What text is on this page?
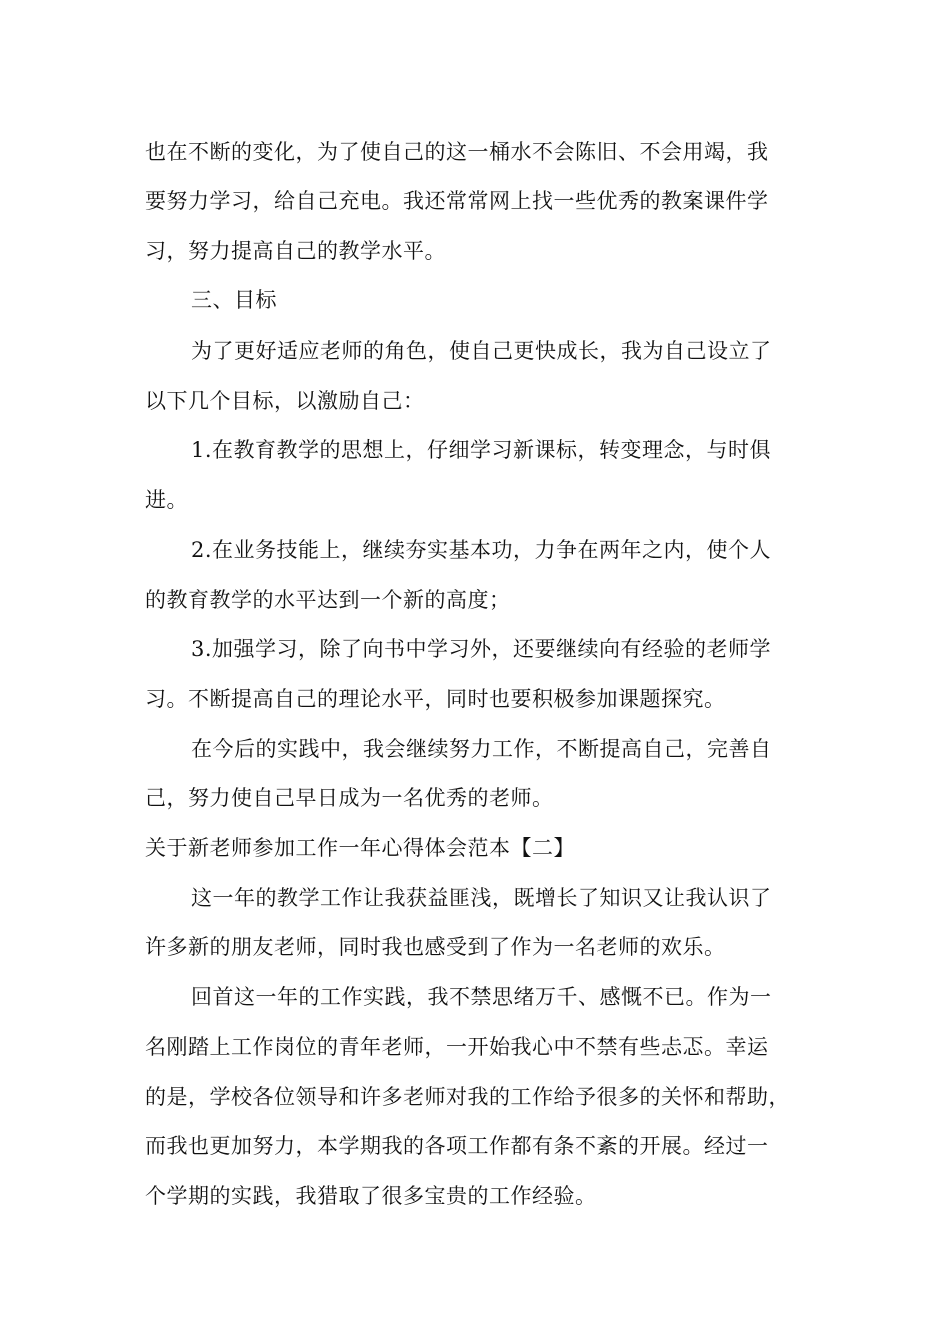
也在不断的变化，为了使自己的这一桶水不会陈旧、不会用竭，我
要努力学习，给自己充电。我还常常网上找一些优秀的教案课件学
习，努力提高自己的教学水平。
三、目标
为了更好适应老师的角色，使自己更快成长，我为自己设立了
以下几个目标，以激励自己：
1.在教育教学的思想上，仔细学习新课标，转变理念，与时俱
进。
2.在业务技能上，继续夯实基本功，力争在两年之内，使个人
的教育教学的水平达到一个新的高度；
3.加强学习，除了向书中学习外，还要继续向有经验的老师学
习。不断提高自己的理论水平，同时也要积极参加课题探究。
在今后的实践中，我会继续努力工作，不断提高自己，完善自
己，努力使自己早日成为一名优秀的老师。
关于新老师参加工作一年心得体会范本【二】
这一年的教学工作让我获益匪浅，既增长了知识又让我认识了
许多新的朋友老师，同时我也感受到了作为一名老师的欢乐。
回首这一年的工作实践，我不禁思绪万千、感慨不已。作为一
名刚踏上工作岗位的青年老师，一开始我心中不禁有些忐忑。幸运
的是，学校各位领导和许多老师对我的工作给予很多的关怀和帮助，
而我也更加努力，本学期我的各项工作都有条不紊的开展。经过一
个学期的实践，我猎取了很多宝贵的工作经验。
